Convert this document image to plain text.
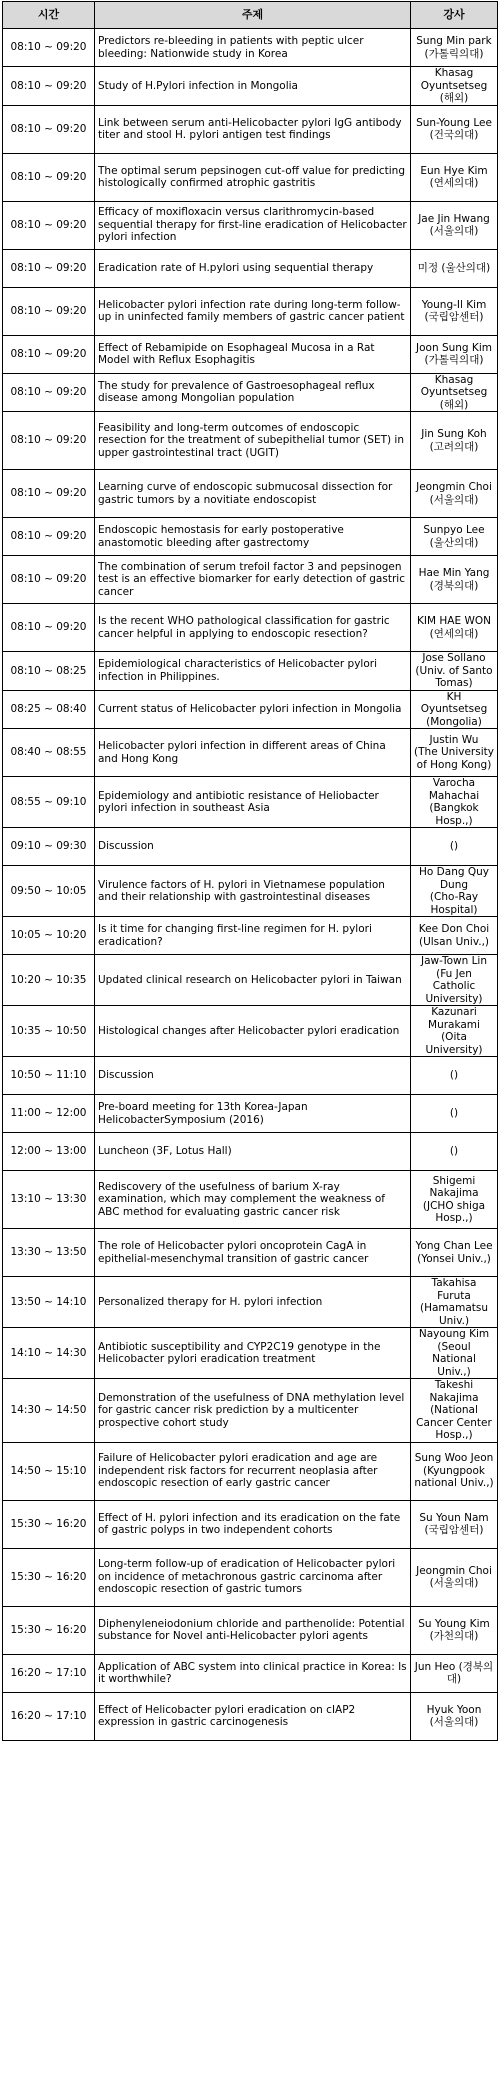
시간	주제	강사
08:10 ~ 09:20	Predictors re-bleeding in patients with peptic ulcer bleeding: Nationwide study in Korea	Sung Min park
(가톨릭의대)

08:10 ~ 09:20	Study of H.Pylori infection in Mongolia	Khasag Oyuntsetseg
(해외)

08:10 ~ 09:20	Link between serum anti-Helicobacter pylori IgG antibody titer and stool H. pylori antigen test findings	Sun-Young Lee
(건국의대)

08:10 ~ 09:20	The optimal serum pepsinogen cut-off value for predicting histologically confirmed atrophic gastritis	Eun Hye Kim
(연세의대)

08:10 ~ 09:20	Efficacy of moxifloxacin versus clarithromycin-based sequential therapy for first-line eradication of Helicobacter pylori infection	Jae Jin Hwang
(서울의대)

08:10 ~ 09:20	Eradication rate of H.pylori using sequential therapy	미정 (울산의대)

08:10 ~ 09:20	Helicobacter pylori infection rate during long-term follow-up in uninfected family members of gastric cancer patient	Young-Il Kim
(국립암센터)

08:10 ~ 09:20	Effect of Rebamipide on Esophageal Mucosa in a Rat Model with Reflux Esophagitis	Joon Sung Kim
(가톨릭의대)

08:10 ~ 09:20	The study for prevalence of Gastroesophageal reflux disease among Mongolian population	Khasag Oyuntsetseg
(해외)

08:10 ~ 09:20	Feasibility and long-term outcomes of endoscopic resection for the treatment of subepithelial tumor (SET) in upper gastrointestinal tract (UGIT)	Jin Sung Koh
(고려의대)

08:10 ~ 09:20	Learning curve of endoscopic submucosal dissection for gastric tumors by a novitiate endoscopist	Jeongmin Choi
(서울의대)

08:10 ~ 09:20	Endoscopic hemostasis for early postoperative anastomotic bleeding after gastrectomy	Sunpyo Lee
(울산의대)

08:10 ~ 09:20	The combination of serum trefoil factor 3 and pepsinogen test is an effective biomarker for early detection of gastric cancer	Hae Min Yang
(경북의대)

08:10 ~ 09:20	Is the recent WHO pathological classification for gastric cancer helpful in applying to endoscopic resection?	KIM HAE WON
(연세의대)

08:10 ~ 08:25	Epidemiological characteristics of Helicobacter pylori infection in Philippines.	Jose Sollano
(Univ. of Santo Tomas)

08:25 ~ 08:40	Current status of Helicobacter pylori infection in Mongolia	KH Oyuntsetseg
(Mongolia)

08:40 ~ 08:55	Helicobacter pylori infection in different areas of China and Hong Kong	Justin Wu
(The University of Hong Kong)

08:55 ~ 09:10	Epidemiology and antibiotic resistance of Heliobacter pylori infection in southeast Asia	Varocha Mahachai
(Bangkok Hosp.,)

09:10 ~ 09:30	Discussion	()

09:50 ~ 10:05	Virulence factors of H. pylori in Vietnamese population and their relationship with gastrointestinal diseases	Ho Dang Quy Dung
(Cho-Ray Hospital)

10:05 ~ 10:20	Is it time for changing first-line regimen for H. pylori eradication?	Kee Don Choi
(Ulsan Univ.,)

10:20 ~ 10:35	Updated clinical research on Helicobacter pylori in Taiwan	Jaw-Town Lin
(Fu Jen Catholic University)

10:35 ~ 10:50	Histological changes after Helicobacter pylori eradication	Kazunari Murakami
(Oita University)

10:50 ~ 11:10	Discussion	()

11:00 ~ 12:00	Pre-board meeting for 13th Korea-Japan HelicobacterSymposium (2016)	()

12:00 ~ 13:00	Luncheon (3F, Lotus Hall)	()

13:10 ~ 13:30	Rediscovery of the usefulness of barium X-ray examination, which may complement the weakness of ABC method for evaluating gastric cancer risk	Shigemi Nakajima
(JCHO shiga Hosp.,)

13:30 ~ 13:50	The role of Helicobacter pylori oncoprotein CagA in epithelial-mesenchymal transition of gastric cancer	Yong Chan Lee
(Yonsei Univ.,)

13:50 ~ 14:10	Personalized therapy for H. pylori infection	Takahisa Furuta
(Hamamatsu Univ.)

14:10 ~ 14:30	Antibiotic susceptibility and CYP2C19 genotype in the Helicobacter pylori eradication treatment	Nayoung Kim
(Seoul National Univ.,)

14:30 ~ 14:50	Demonstration of the usefulness of DNA methylation level for gastric cancer risk prediction by a multicenter prospective cohort study	Takeshi Nakajima
(National Cancer Center Hosp.,)

14:50 ~ 15:10	Failure of Helicobacter pylori eradication and age are independent risk factors for recurrent neoplasia after endoscopic resection of early gastric cancer	Sung Woo Jeon
(Kyungpook national Univ.,)

15:30 ~ 16:20	Effect of H. pylori infection and its eradication on the fate of gastric polyps in two independent cohorts	Su Youn Nam
(국립암센터)

15:30 ~ 16:20	Long-term follow-up of eradication of Helicobacter pylori on incidence of metachronous gastric carcinoma after endoscopic resection of gastric tumors	Jeongmin Choi
(서울의대)

15:30 ~ 16:20	Diphenyleneiodonium chloride and parthenolide: Potential substance for Novel anti-Helicobacter pylori agents	Su Young Kim
(가천의대)

16:20 ~ 17:10	Application of ABC system into clinical practice in Korea: Is it worthwhile?	Jun Heo (경북의대)

16:20 ~ 17:10	Effect of Helicobacter pylori eradication on cIAP2 expression in gastric carcinogenesis	Hyuk Yoon
(서울의대)
